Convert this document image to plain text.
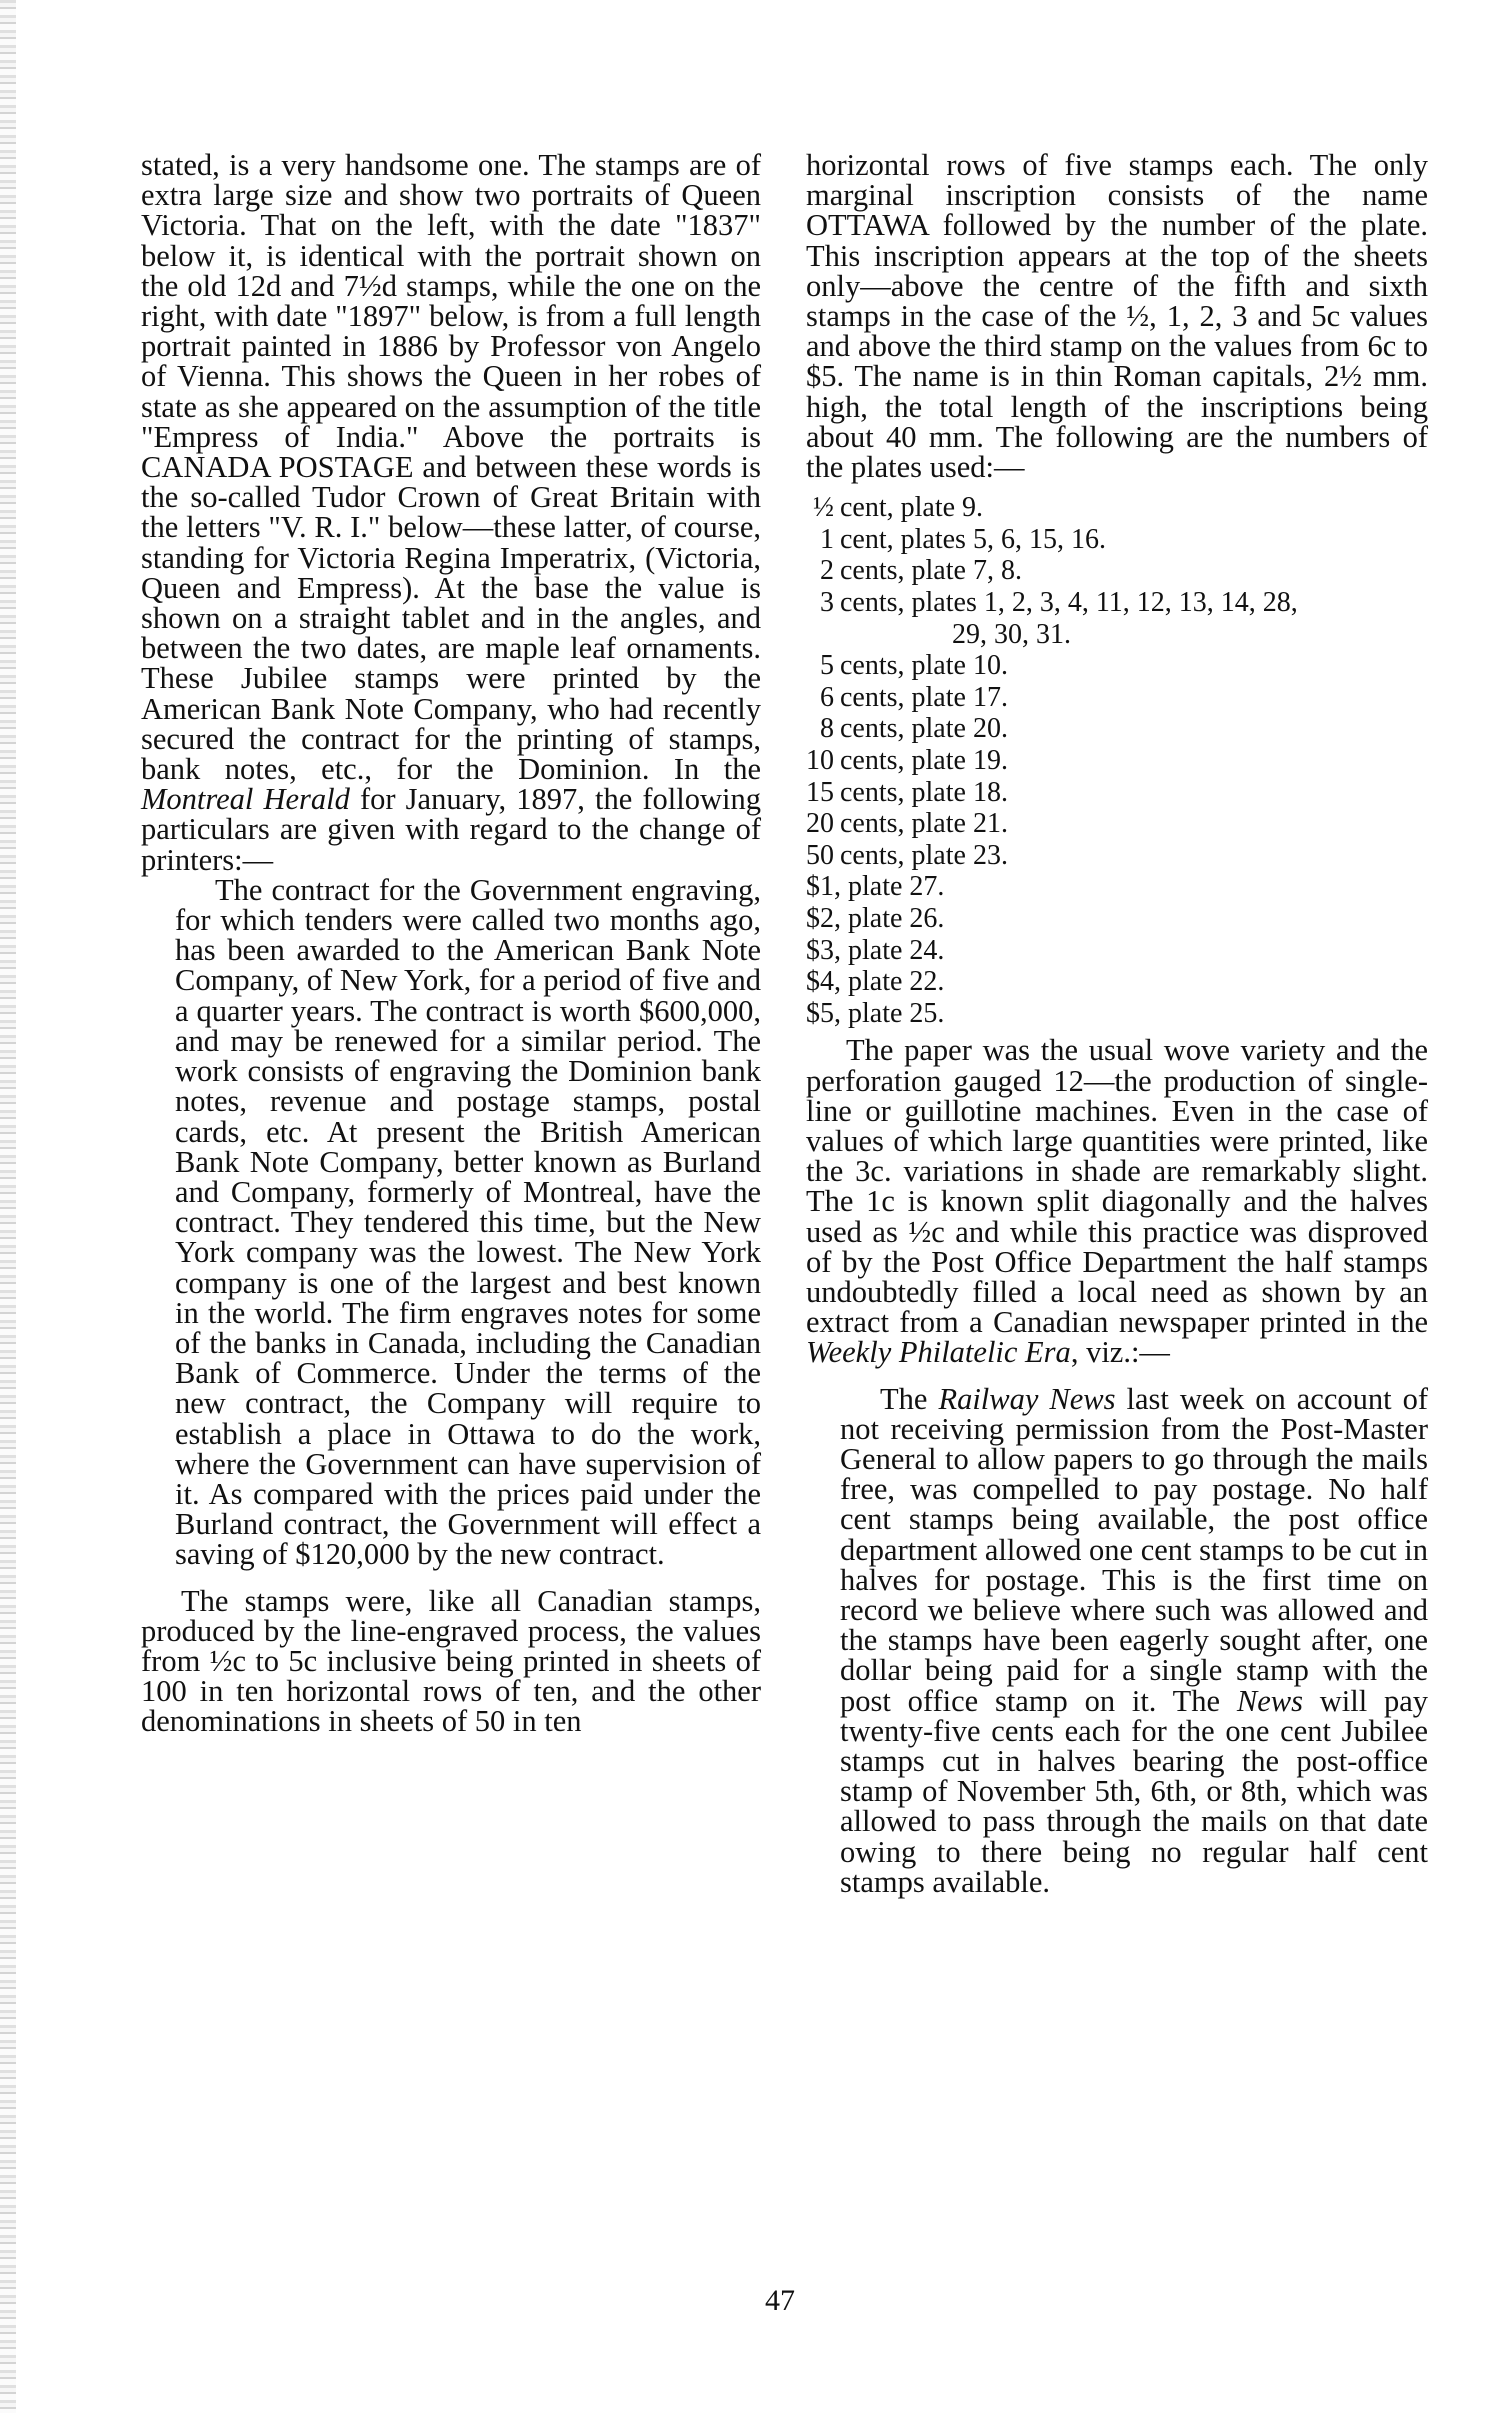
stated, is a very handsome one. The stamps are of extra large size and show two portraits of Queen Victoria. That on the left, with the date "1837" below it, is identical with the portrait shown on the old 12d and 7½d stamps, while the one on the right, with date "1897" below, is from a full length portrait painted in 1886 by Professor von Angelo of Vienna. This shows the Queen in her robes of state as she appeared on the assumption of the title "Empress of India." Above the portraits is CANADA POSTAGE and between these words is the so-called Tudor Crown of Great Britain with the letters "V. R. I." below—these latter, of course, standing for Victoria Regina Imperatrix, (Victoria, Queen and Empress). At the base the value is shown on a straight tablet and in the angles, and between the two dates, are maple leaf ornaments. These Jubilee stamps were printed by the American Bank Note Company, who had recently secured the contract for the printing of stamps, bank notes, etc., for the Dominion. In the Montreal Herald for January, 1897, the following particulars are given with regard to the change of printers:—

The contract for the Government engraving, for which tenders were called two months ago, has been awarded to the American Bank Note Company, of New York, for a period of five and a quarter years. The contract is worth $600,000, and may be renewed for a similar period. The work consists of engraving the Dominion bank notes, revenue and postage stamps, postal cards, etc. At present the British American Bank Note Company, better known as Burland and Company, formerly of Montreal, have the contract. They tendered this time, but the New York company was the lowest. The New York company is one of the largest and best known in the world. The firm engraves notes for some of the banks in Canada, including the Canadian Bank of Commerce. Under the terms of the new contract, the Company will require to establish a place in Ottawa to do the work, where the Government can have supervision of it. As compared with the prices paid under the Burland contract, the Government will effect a saving of $120,000 by the new contract.

The stamps were, like all Canadian stamps, produced by the line-engraved process, the values from ½c to 5c inclusive being printed in sheets of 100 in ten horizontal rows of ten, and the other denominations in sheets of 50 in ten

horizontal rows of five stamps each. The only marginal inscription consists of the name OTTAWA followed by the number of the plate. This inscription appears at the top of the sheets only—above the centre of the fifth and sixth stamps in the case of the ½, 1, 2, 3 and 5c values and above the third stamp on the values from 6c to $5. The name is in thin Roman capitals, 2½ mm. high, the total length of the inscriptions being about 40 mm. The following are the numbers of the plates used:—

½ cent, plate 9.
1 cent, plates 5, 6, 15, 16.
2 cents, plate 7, 8.
3 cents, plates 1, 2, 3, 4, 11, 12, 13, 14, 28,
29, 30, 31.
5 cents, plate 10.
6 cents, plate 17.
8 cents, plate 20.
10 cents, plate 19.
15 cents, plate 18.
20 cents, plate 21.
50 cents, plate 23.
$1,
plate 27.
$2,
plate 26.
$3,
plate 24.
$4,
plate 22.
$5,
plate 25.

The paper was the usual wove variety and the perforation gauged 12—the production of single-line or guillotine machines. Even in the case of values of which large quantities were printed, like the 3c. variations in shade are remarkably slight. The 1c is known split diagonally and the halves used as ½c and while this practice was disproved of by the Post Office Department the half stamps undoubtedly filled a local need as shown by an extract from a Canadian newspaper printed in the Weekly Philatelic Era, viz.:—

The Railway News last week on account of not receiving permission from the Post-Master General to allow papers to go through the mails free, was compelled to pay postage. No half cent stamps being available, the post office department allowed one cent stamps to be cut in halves for postage. This is the first time on record we believe where such was allowed and the stamps have been eagerly sought after, one dollar being paid for a single stamp with the post office stamp on it. The News will pay twenty-five cents each for the one cent Jubilee stamps cut in halves bearing the post-office stamp of November 5th, 6th, or 8th, which was allowed to pass through the mails on that date owing to there being no regular half cent stamps available.

47
